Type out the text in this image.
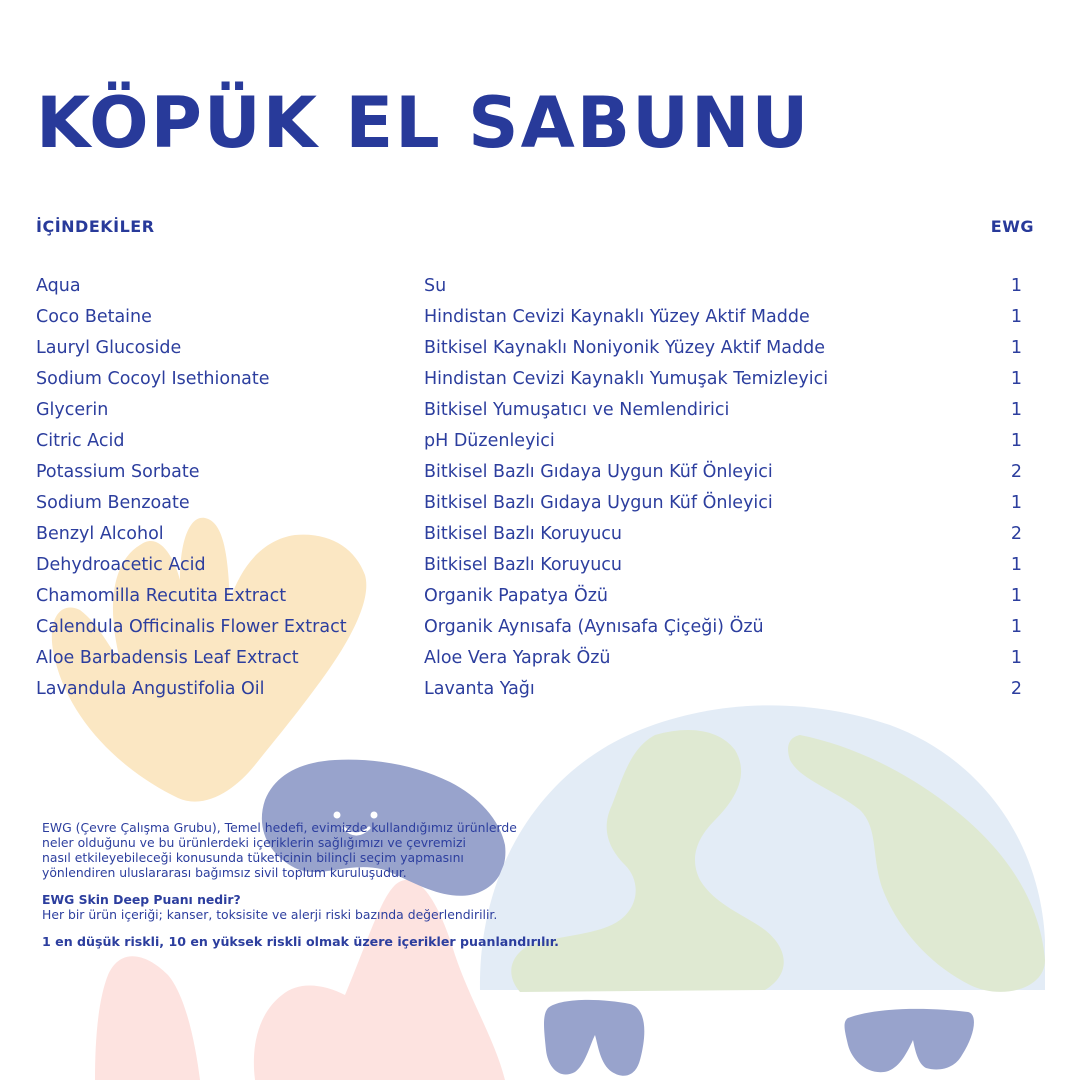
KÖPÜK EL SABUNU
İÇİNDEKİLER	EWG
Aqua	Su	1
Coco Betaine	Hindistan Cevizi Kaynaklı Yüzey Aktif Madde	1
Lauryl Glucoside	Bitkisel Kaynaklı Noniyonik Yüzey Aktif Madde	1
Sodium Cocoyl Isethionate	Hindistan Cevizi Kaynaklı Yumuşak Temizleyici	1
Glycerin	Bitkisel Yumuşatıcı ve Nemlendirici	1
Citric Acid	pH Düzenleyici	1
Potassium Sorbate	Bitkisel Bazlı Gıdaya Uygun Küf Önleyici	2
Sodium Benzoate	Bitkisel Bazlı Gıdaya Uygun Küf Önleyici	1
Benzyl Alcohol	Bitkisel Bazlı Koruyucu	2
Dehydroacetic Acid	Bitkisel Bazlı Koruyucu	1
Chamomilla Recutita Extract	Organik Papatya Özü	1
Calendula Officinalis Flower Extract	Organik Aynısafa (Aynısafa Çiçeği) Özü	1
Aloe Barbadensis Leaf Extract	Aloe Vera Yaprak Özü	1
Lavandula Angustifolia Oil	Lavanta Yağı	2

EWG (Çevre Çalışma Grubu), Temel hedefi, evimizde kullandığımız ürünlerde

neler olduğunu ve bu ürünlerdeki içeriklerin sağlığımızı ve çevremizi

nasıl etkileyebileceği konusunda tüketicinin bilinçli seçim yapmasını

yönlendiren uluslararası bağımsız sivil toplum kuruluşudur.

EWG Skin Deep Puanı nedir?

Her bir ürün içeriği; kanser, toksisite ve alerji riski bazında değerlendirilir.

1 en düşük riskli, 10 en yüksek riskli olmak üzere içerikler puanlandırılır.
